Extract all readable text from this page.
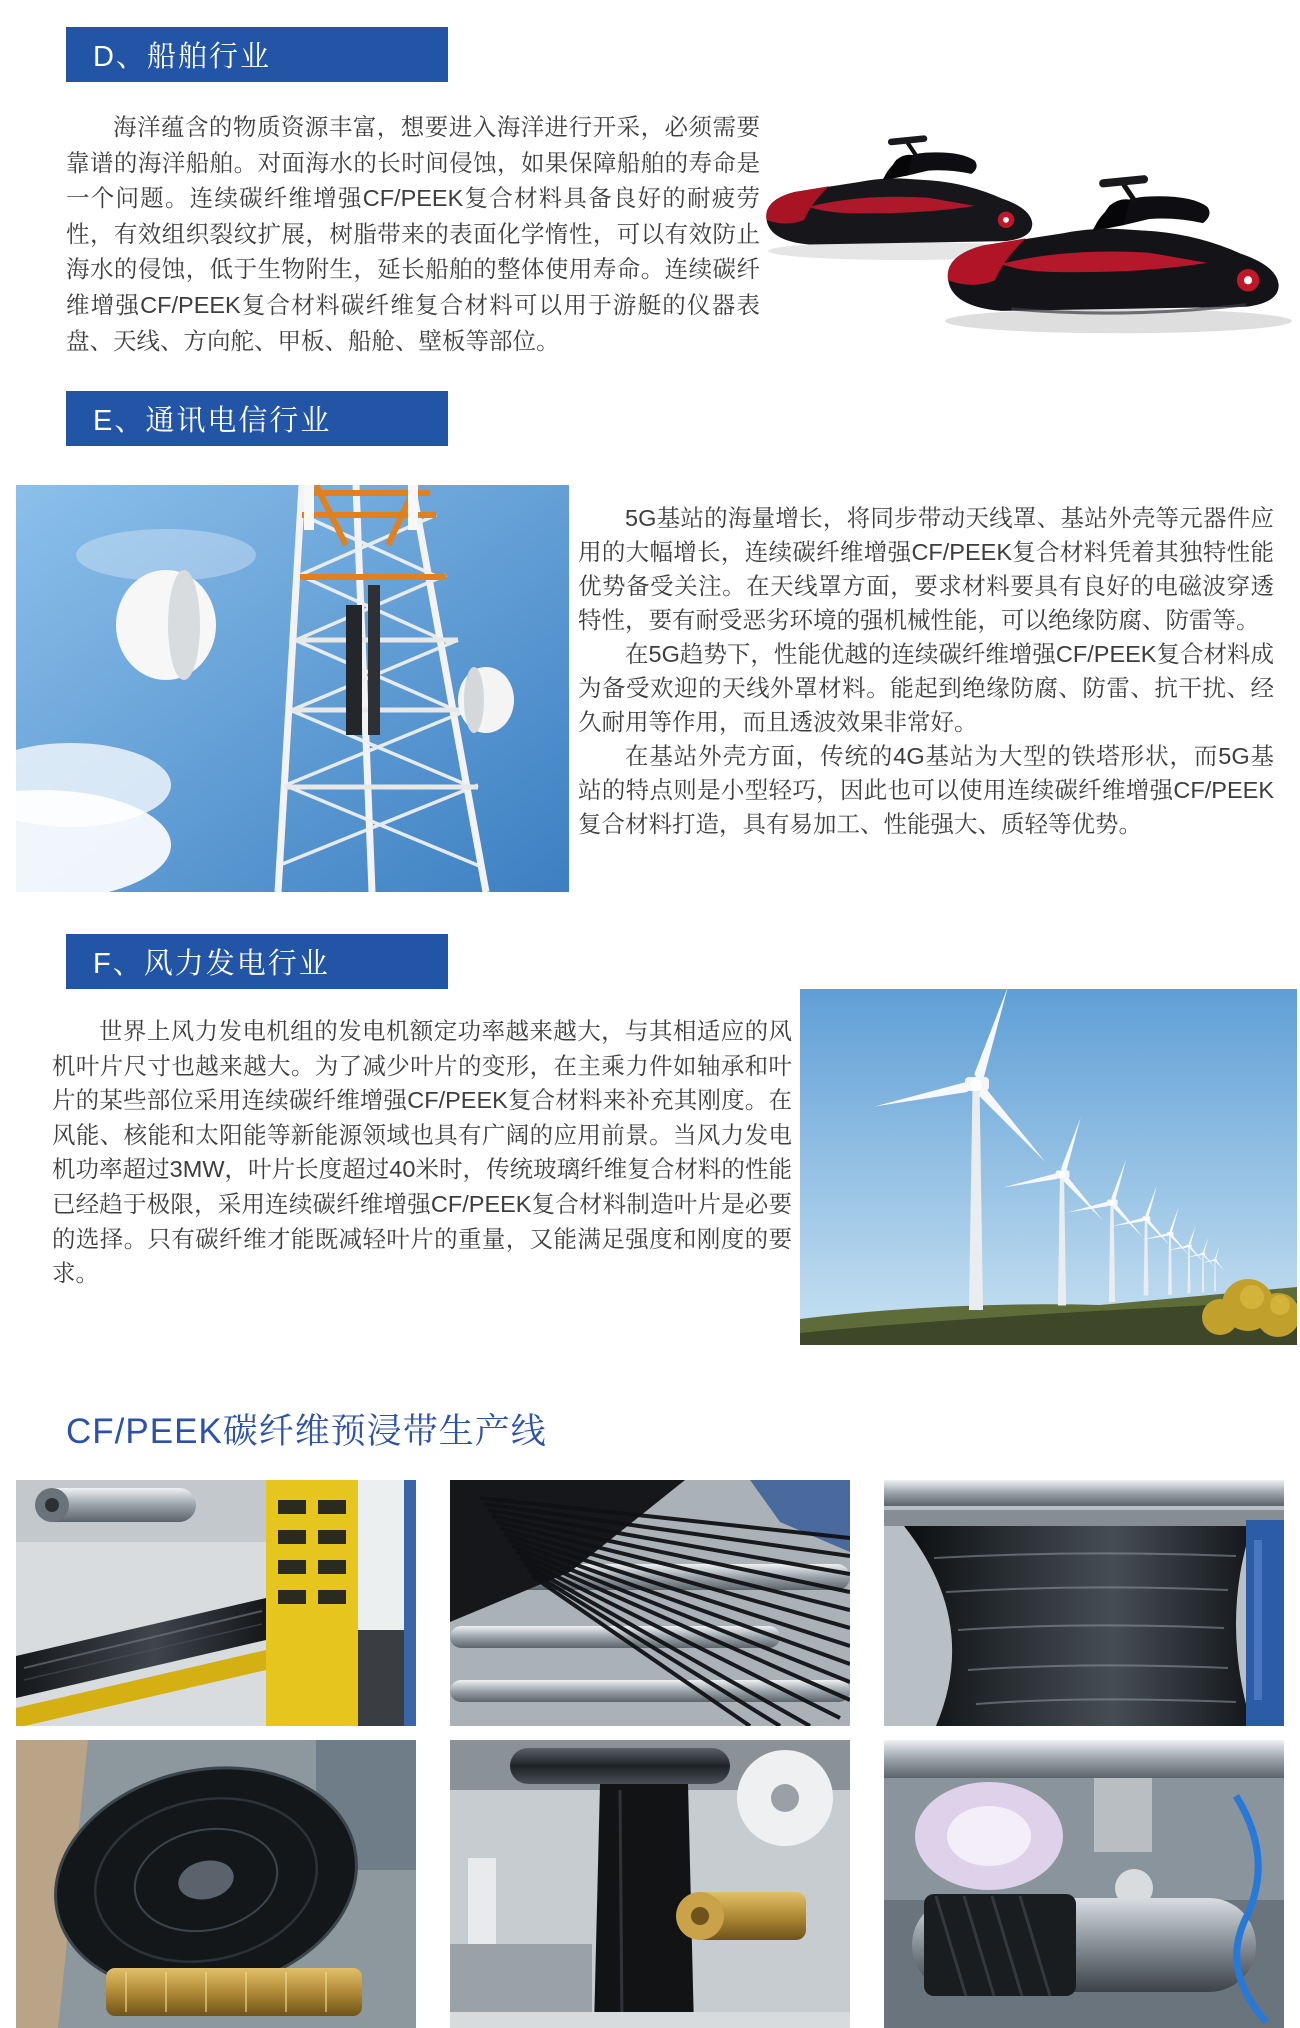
D、船舶行业

海洋蕴含的物质资源丰富，想要进入海洋进行开采，必须需要靠谱的海洋船舶。对面海水的长时间侵蚀，如果保障船舶的寿命是一个问题。连续碳纤维增强CF/PEEK复合材料具备良好的耐疲劳性，有效组织裂纹扩展，树脂带来的表面化学惰性，可以有效防止海水的侵蚀，低于生物附生，延长船舶的整体使用寿命。连续碳纤维增强CF/PEEK复合材料碳纤维复合材料可以用于游艇的仪器表盘、天线、方向舵、甲板、船舱、壁板等部位。

E、通讯电信行业

5G基站的海量增长，将同步带动天线罩、基站外壳等元器件应用的大幅增长，连续碳纤维增强CF/PEEK复合材料凭着其独特性能优势备受关注。在天线罩方面，要求材料要具有良好的电磁波穿透特性，要有耐受恶劣环境的强机械性能，可以绝缘防腐、防雷等。

在5G趋势下，性能优越的连续碳纤维增强CF/PEEK复合材料成为备受欢迎的天线外罩材料。能起到绝缘防腐、防雷、抗干扰、经久耐用等作用，而且透波效果非常好。

在基站外壳方面，传统的4G基站为大型的铁塔形状，而5G基站的特点则是小型轻巧，因此也可以使用连续碳纤维增强CF/PEEK复合材料打造，具有易加工、性能强大、质轻等优势。

F、风力发电行业

世界上风力发电机组的发电机额定功率越来越大，与其相适应的风机叶片尺寸也越来越大。为了减少叶片的变形，在主乘力件如轴承和叶片的某些部位采用连续碳纤维增强CF/PEEK复合材料来补充其刚度。在风能、核能和太阳能等新能源领域也具有广阔的应用前景。当风力发电机功率超过3MW，叶片长度超过40米时，传统玻璃纤维复合材料的性能已经趋于极限，采用连续碳纤维增强CF/PEEK复合材料制造叶片是必要的选择。只有碳纤维才能既减轻叶片的重量，又能满足强度和刚度的要求。

CF/PEEK碳纤维预浸带生产线
